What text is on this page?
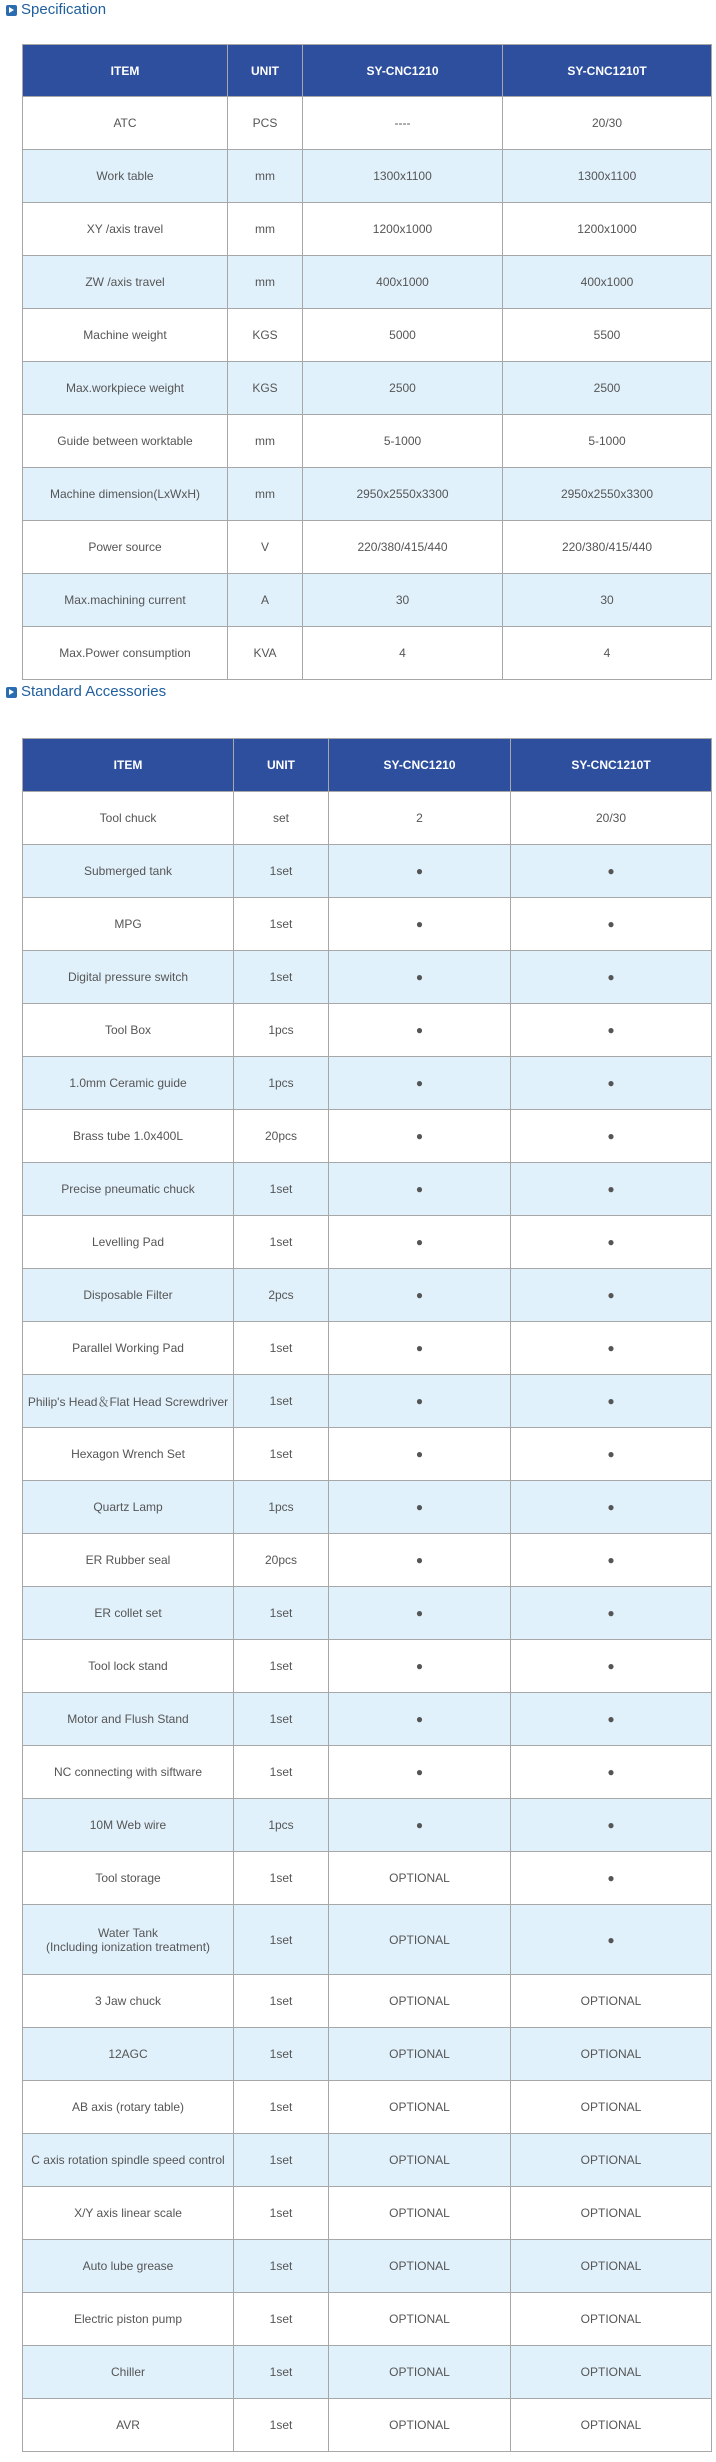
Specification
ITEM	UNIT	SY-CNC1210	SY-CNC1210T
ATC	PCS	----	20/30
Work table	mm	1300x1100	1300x1100
XY /axis travel	mm	1200x1000	1200x1000
ZW /axis travel	mm	400x1000	400x1000
Machine weight	KGS	5000	5500
Max.workpiece weight	KGS	2500	2500
Guide between worktable	mm	5-1000	5-1000
Machine dimension(LxWxH)	mm	2950x2550x3300	2950x2550x3300
Power source	V	220/380/415/440	220/380/415/440
Max.machining current	A	30	30
Max.Power consumption	KVA	4	4
Standard Accessories
ITEM	UNIT	SY-CNC1210	SY-CNC1210T
Tool chuck	set	2	20/30
Submerged tank	1set	●	●
MPG	1set	●	●
Digital pressure switch	1set	●	●
Tool Box	1pcs	●	●
1.0mm Ceramic guide	1pcs	●	●
Brass tube 1.0x400L	20pcs	●	●
Precise pneumatic chuck	1set	●	●
Levelling Pad	1set	●	●
Disposable Filter	2pcs	●	●
Parallel Working Pad	1set	●	●
Philip's Head＆Flat Head Screwdriver	1set	●	●
Hexagon Wrench Set	1set	●	●
Quartz Lamp	1pcs	●	●
ER Rubber seal	20pcs	●	●
ER collet set	1set	●	●
Tool lock stand	1set	●	●
Motor and Flush Stand	1set	●	●
NC connecting with siftware	1set	●	●
10M Web wire	1pcs	●	●
Tool storage	1set	OPTIONAL	●
Water Tank
(Including ionization treatment)	1set	OPTIONAL	●
3 Jaw chuck	1set	OPTIONAL	OPTIONAL
12AGC	1set	OPTIONAL	OPTIONAL
AB axis (rotary table)	1set	OPTIONAL	OPTIONAL
C axis rotation spindle speed control	1set	OPTIONAL	OPTIONAL
X/Y axis linear scale	1set	OPTIONAL	OPTIONAL
Auto lube grease	1set	OPTIONAL	OPTIONAL
Electric piston pump	1set	OPTIONAL	OPTIONAL
Chiller	1set	OPTIONAL	OPTIONAL
AVR	1set	OPTIONAL	OPTIONAL
